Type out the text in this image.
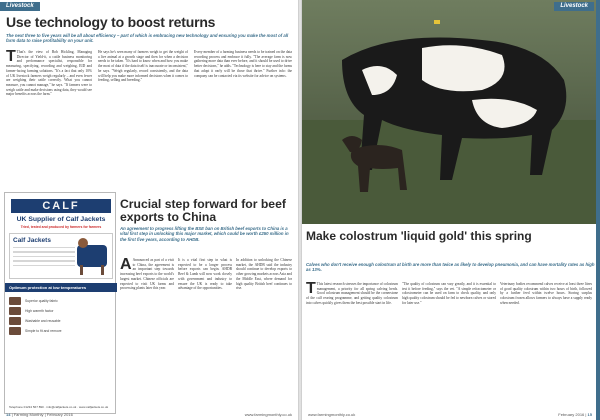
Livestock
Use technology to boost returns
The next three to five years will be all about efficiency – part of which is embracing new technology and ensuring you make the most of all farm data to raise profitability on your unit.
T That's the view of Bob Hickling, Managing Director of Yield-it, a cattle business monitoring and performance specialist, responsible for measuring, specifying, recording and weighing, EID and farmer-facing farming solutions. "It's a fact that only 10% of UK livestock farmers weigh regularly – and even fewer are weighing their cattle correctly. What you cannot measure, you cannot manage," he says. "If farmers were to weigh cattle and make decisions using data, they would see major benefits across the farm."
He says he's seen many of farmers weigh to get the weight of a live animal at a growth stage and then for when a decision needs to be taken. "It's hard to know when and how you make the most of data if the data itself is inaccurate or inconsistent," he says. "Weigh regularly, record consistently, and the data will help you make more informed decisions when it comes to feeding, selling and breeding."
Every member of a farming business needs to be trained on the data recording process and embrace it fully. "The average farm is now gathering more data than ever before, and it should be used to drive better decisions," he adds. "Technology is here to stay and the farms that adopt it early will be those that thrive." Further info: the company can be contacted via its website for advice on systems.
CALF
UK Supplier of Calf Jackets
Tried, tested and produced by farmers for farmers
Calf Jackets
Optimum protection at low temperatures
Superior quality fabric
High warmth factor
Washable and reusable
Simple to fit and remove
Telephone 01234 567 890 · info@calfjackets.co.uk · www.calfjackets.co.uk
Crucial step forward for beef exports to China
An agreement to progress lifting the BSE ban on British beef exports to China is a vital first step in unlocking this major market, which could be worth £250 million in the first five years, according to AHDB.
A Announced as part of a visit to China, the agreement is an important step towards increasing beef exports to the world's largest market. Chinese officials are expected to visit UK farms and processing plants later this year.
It is a vital first step in what is expected to be a longer process before exports can begin. AHDB Beef & Lamb will now work closely with government and industry to ensure the UK is ready to take advantage of the opportunities.
In addition to unlocking the Chinese market, the AHDB said the industry should continue to develop exports to other growing markets across Asia and the Middle East, where demand for high quality British beef continues to rise.
14 | Farming Monthly | February 2016	www.farmingmonthly.co.uk
Livestock
Make colostrum 'liquid gold' this spring
Calves who don't receive enough colostrum at birth are more than twice as likely to develop pneumonia, and can have mortality rates as high as 13%.
T This latest research stresses the importance of colostrum management, a priority for all spring calving herds. Good colostrum management should be the cornerstone of the calf rearing programme, and getting quality colostrum into calves quickly gives them the best possible start in life.
"The quality of colostrum can vary greatly, and it is essential to test it before feeding," says the vet. "A simple refractometer or colostrometer can be used on farm to check quality, and only high quality colostrum should be fed to newborn calves or stored for later use."
Veterinary bodies recommend calves receive at least three litres of good quality colostrum within two hours of birth, followed by a further feed within twelve hours. Storing surplus colostrum frozen allows farmers to always have a supply ready when needed.
www.farmingmonthly.co.uk	February 2016 | 15
